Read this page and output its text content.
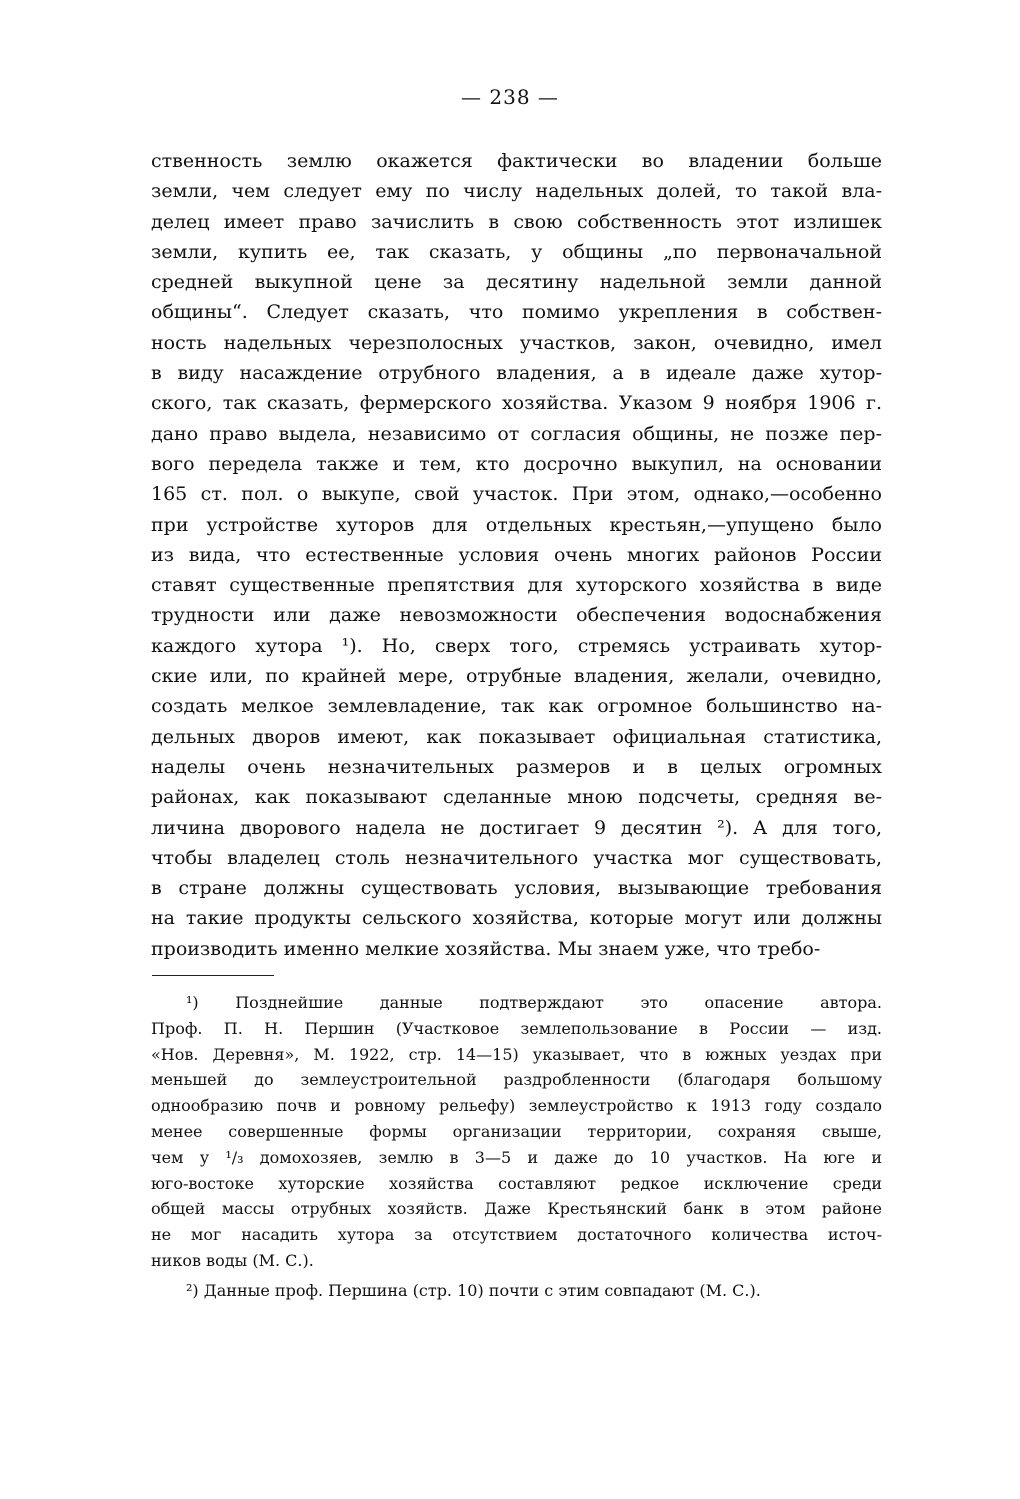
— 238 —
ственность землю окажется фактически во владении больше
земли, чем следует ему по числу надельных долей, то такой вла-
делец имеет право зачислить в свою собственность этот излишек
земли, купить ее, так сказать, у общины „по первоначальной
средней выкупной цене за десятину надельной земли данной
общины“. Следует сказать, что помимо укрепления в собствен-
ность надельных черезполосных участков, закон, очевидно, имел
в виду насаждение отрубного владения, а в идеале даже хутор-
ского, так сказать, фермерского хозяйства. Указом 9 ноября 1906 г.
дано право выдела, независимо от согласия общины, не позже пер-
вого передела также и тем, кто досрочно выкупил, на основании
165 ст. пол. о выкупе, свой участок. При этом, однако,—особенно
при устройстве хуторов для отдельных крестьян,—упущено было
из вида, что естественные условия очень многих районов России
ставят существенные препятствия для хуторского хозяйства в виде
трудности или даже невозможности обеспечения водоснабжения
каждого хутора ¹). Но, сверх того, стремясь устраивать хутор-
ские или, по крайней мере, отрубные владения, желали, очевидно,
создать мелкое землевладение, так как огромное большинство на-
дельных дворов имеют, как показывает официальная статистика,
наделы очень незначительных размеров и в целых огромных
районах, как показывают сделанные мною подсчеты, средняя ве-
личина дворового надела не достигает 9 десятин ²). А для того,
чтобы владелец столь незначительного участка мог существовать,
в стране должны существовать условия, вызывающие требования
на такие продукты сельского хозяйства, которые могут или должны
производить именно мелкие хозяйства. Мы знаем уже, что требо-
¹) Позднейшие данные подтверждают это опасение автора.
Проф. П. Н. Першин (Участковое землепользование в России — изд.
«Нов. Деревня», М. 1922, стр. 14—15) указывает, что в южных уездах при
меньшей до землеустроительной раздробленности (благодаря большому
однообразию почв и ровному рельефу) землеустройство к 1913 году создало
менее совершенные формы организации территории, сохраняя свыше,
чем у ¹/₃ домохозяев, землю в 3—5 и даже до 10 участков. На юге и
юго-востоке хуторские хозяйства составляют редкое исключение среди
общей массы отрубных хозяйств. Даже Крестьянский банк в этом районе
не мог насадить хутора за отсутствием достаточного количества источ-
ников воды (М. С.).
²) Данные проф. Першина (стр. 10) почти с этим совпадают (М. С.).
